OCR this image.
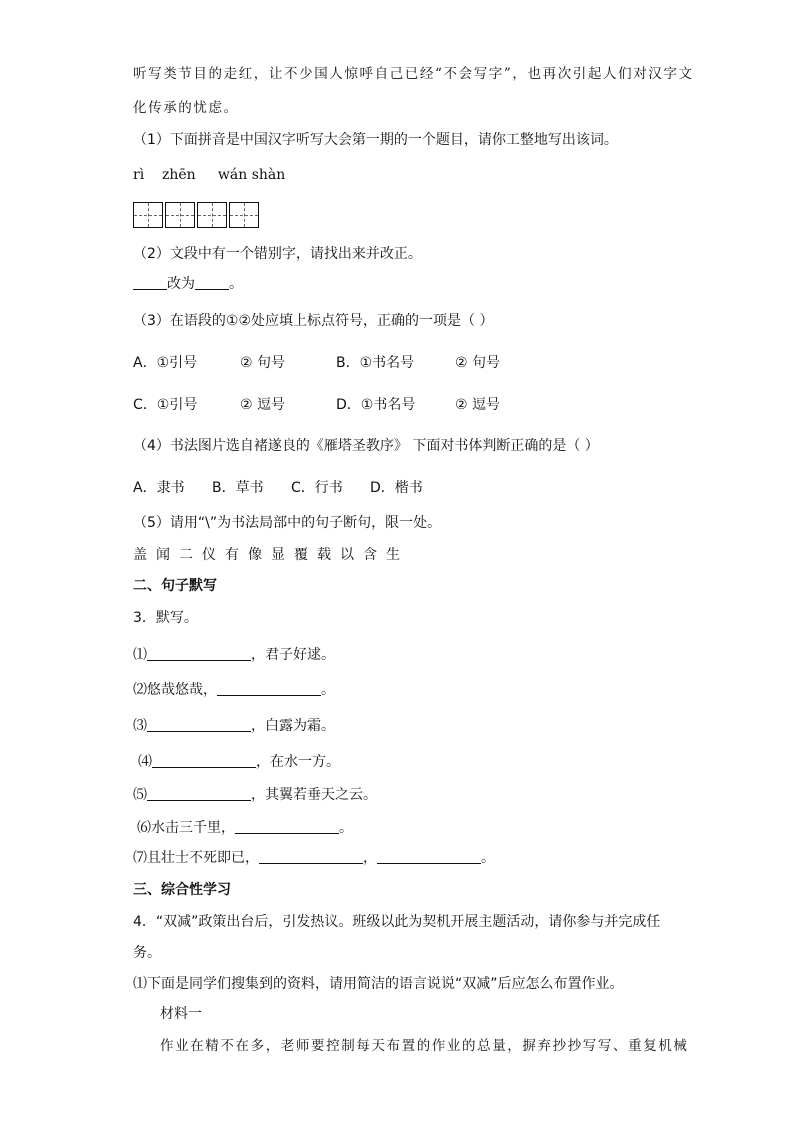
听写类节目的走红，让不少国人惊呼自己已经“不会写字”，也再次引起人们对汉字文
化传承的忧虑。
（1）下面拼音是中国汉字听写大会第一期的一个题目，请你工整地写出该词。
rì    zhēn     wán shàn
（2）文段中有一个错别字，请找出来并改正。
改为 。
（3）在语段的①②处应填上标点符号，正确的一项是（ ）
A．①引号	② 句号	B．①书名号	② 句号
C．①引号	② 逗号	D．①书名号	② 逗号
（4）书法图片选自褚遂良的《雁塔圣教序》 下面对书体判断正确的是（ ）
A．隶书 B．草书 C．行书 D．楷书
（5）请用“\”为书法局部中的句子断句，限一处。
盖闻二仪有像显覆载以含生
二、句子默写
3．默写。
⑴	，君子好逑。
⑵悠哉悠哉，	。
⑶	，白露为霜。
⑷	，在水一方。
⑸	，其翼若垂天之云。
⑹水击三千里，	。
⑺且壮士不死即已，	，	。
三、综合性学习
4．“双减”政策出台后，引发热议。班级以此为契机开展主题活动，请你参与并完成任
务。
⑴下面是同学们搜集到的资料，请用简洁的语言说说“双减”后应怎么布置作业。
材料一
作业在精不在多，老师要控制每天布置的作业的总量，摒弃抄抄写写、重复机械
